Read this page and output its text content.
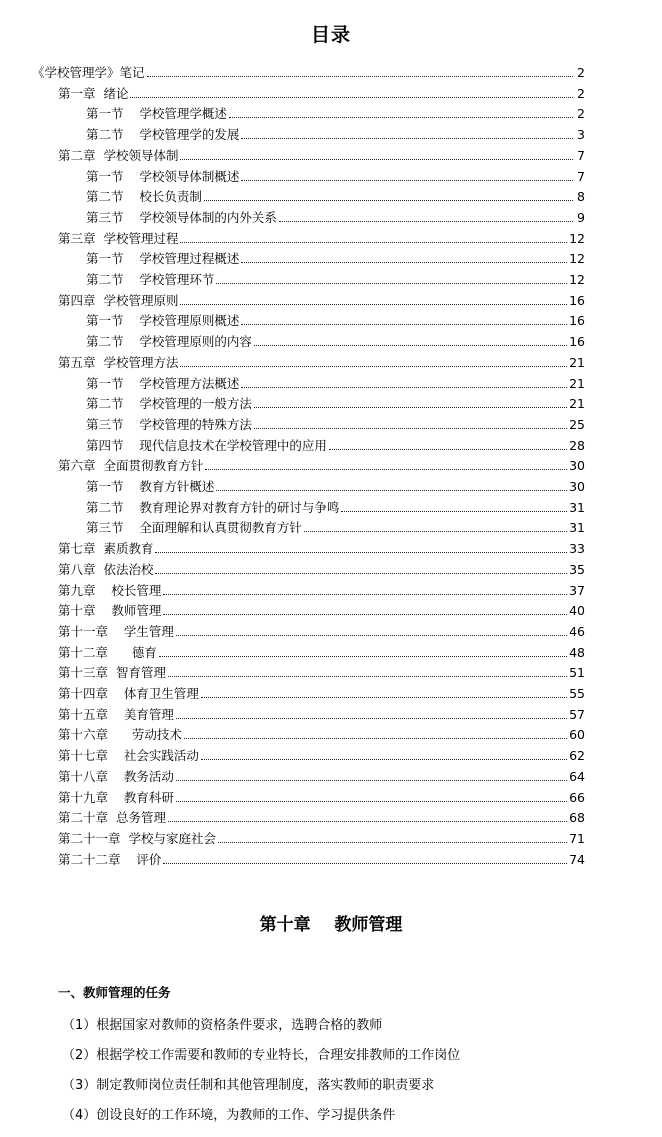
目录
《学校管理学》笔记	2
第一章  绪论	2
第一节    学校管理学概述	2
第二节    学校管理学的发展	3
第二章  学校领导体制	7
第一节    学校领导体制概述	7
第二节    校长负责制	8
第三节    学校领导体制的内外关系	9
第三章  学校管理过程	12
第一节    学校管理过程概述	12
第二节    学校管理环节	12
第四章  学校管理原则	16
第一节    学校管理原则概述	16
第二节    学校管理原则的内容	16
第五章  学校管理方法	21
第一节    学校管理方法概述	21
第二节    学校管理的一般方法	21
第三节    学校管理的特殊方法	25
第四节    现代信息技术在学校管理中的应用	28
第六章  全面贯彻教育方针	30
第一节    教育方针概述	30
第二节    教育理论界对教育方针的研讨与争鸣	31
第三节    全面理解和认真贯彻教育方针	31
第七章  素质教育	33
第八章  依法治校	35
第九章    校长管理	37
第十章    教师管理	40
第十一章    学生管理	46
第十二章      德育	48
第十三章  智育管理	51
第十四章    体育卫生管理	55
第十五章    美育管理	57
第十六章      劳动技术	60
第十七章    社会实践活动	62
第十八章    教务活动	64
第十九章    教育科研	66
第二十章  总务管理	68
第二十一章  学校与家庭社会	71
第二十二章    评价	74
第十章    教师管理
一、教师管理的任务
（1）根据国家对教师的资格条件要求，选聘合格的教师
（2）根据学校工作需要和教师的专业特长，合理安排教师的工作岗位
（3）制定教师岗位责任制和其他管理制度，落实教师的职责要求
（4）创设良好的工作环境，为教师的工作、学习提供条件
